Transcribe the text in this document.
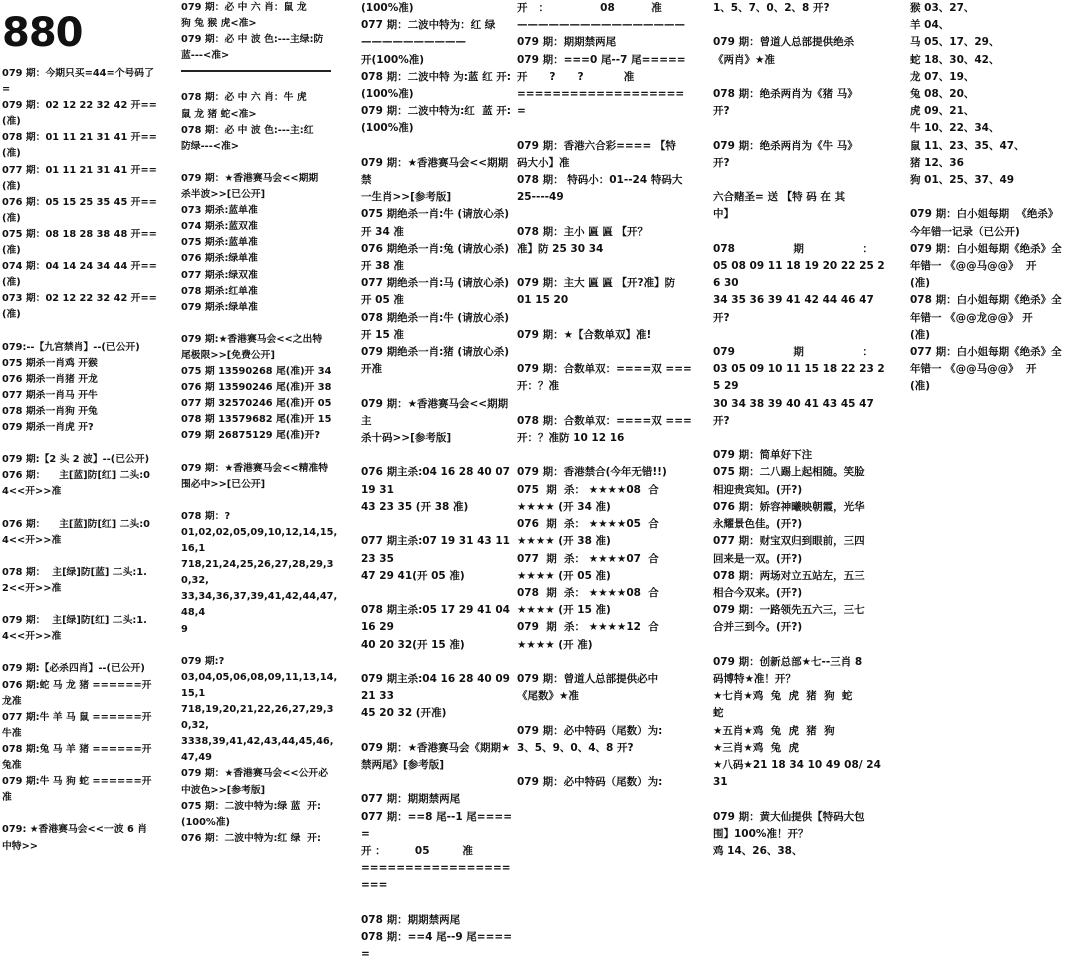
880
079 期：今期只买=44=个号码了
=
079 期：02 12 22 32 42 开==(准)
078 期：01 11 21 31 41 开==(准)
077 期：01 11 21 31 41 开==(准)
076 期：05 15 25 35 45 开==(准)
075 期：08 18 28 38 48 开==(准)
074 期：04 14 24 34 44 开==(准)
073 期：02 12 22 32 42 开==(准)

079:--【九宫禁肖】--(已公开)
075 期杀一肖鸡 开猴
076 期杀一肖猪 开龙
077 期杀一肖马 开牛
078 期杀一肖狗 开兔
079 期杀一肖虎 开?

079 期:【2 头 2 波】--(已公开)
076 期：    主[蓝]防[红] 二头:0
4<<开>>准

076 期：    主[蓝]防[红] 二头:0
4<<开>>准

078 期：  主[绿]防[蓝] 二头:1.
2<<开>>准

079 期：  主[绿]防[红] 二头:1.
4<<开>>准

079 期:【必杀四肖】--(已公开)
076 期:蛇 马 龙 猪 ======开
龙准
077 期:牛 羊 马 鼠 ======开
牛准
078 期:兔 马 羊 猪 ======开
兔准
079 期:牛 马 狗 蛇 ======开
准

079: ★香港赛马会<<一波 6 肖
中特>>
079 期：必 中 六 肖：鼠 龙
狗 兔 猴 虎<准>
079 期：必 中 波 色:---主绿:防
蓝---<准>

078 期：必 中 六 肖：牛 虎
鼠 龙 猪 蛇<准>
078 期：必 中 波 色:---主:红
防绿---<准>

079 期：★香港赛马会<<期期
杀半波>>[已公开]
073 期杀:蓝单准
074 期杀:蓝双准
075 期杀:蓝单准
076 期杀:绿单准
077 期杀:绿双准
078 期杀:红单准
079 期杀:绿单准

079 期:★香港赛马会<<之出特
尾极限>>[免费公开]
075 期 13590268 尾(准)开 34
076 期 13590246 尾(准)开 38
077 期 32570246 尾(准)开 05
078 期 13579682 尾(准)开 15
079 期 26875129 尾(准)开?

079 期：★香港赛马会<<精准特
围必中>>[已公开]

078 期：?
01,02,02,05,09,10,12,14,15,16,1
718,21,24,25,26,27,28,29,30,32,
33,34,36,37,39,41,42,44,47,48,4
9

079 期:?
03,04,05,06,08,09,11,13,14,15,1
718,19,20,21,22,26,27,29,30,32,
3338,39,41,42,43,44,45,46,47,49
079 期：★香港赛马会<<公开必
中波色>>[参考版]
075 期：二波中特为:绿 蓝  开:
(100%准)
076 期：二波中特为:红 绿  开:
(100%准)
077 期：二波中特为：红 绿  ——————————
开(100%准)
078 期：二波中特 为:蓝 红 开:
(100%准)
079 期：二波中特为:红  蓝 开:
(100%准)

079 期：★香港赛马会<<期期禁
一生肖>>[参考版]
075 期绝杀一肖:牛 (请放心杀)
开 34 准
076 期绝杀一肖:兔 (请放心杀)
开 38 准
077 期绝杀一肖:马 (请放心杀)
开 05 准
078 期绝杀一肖:牛 (请放心杀)
开 15 准
079 期绝杀一肖:猪 (请放心杀)
开准

079 期：★香港赛马会<<期期主
杀十码>>[参考版]

076 期主杀:04 16 28 40 07 19 31
43 23 35 (开 38 准)

077 期主杀:07 19 31 43 11 23 35
47 29 41(开 05 准)

078 期主杀:05 17 29 41 04 16 29
40 20 32(开 15 准)

079 期主杀:04 16 28 40 09 21 33
45 20 32 (开准)

079 期：★香港赛马会《期期★
禁两尾》[参考版]

077 期：期期禁两尾
077 期：==8 尾--1 尾=====
开 ：        05         准
====================

078 期：期期禁两尾
078 期：==4 尾--9 尾=====
开   ：              08          准
————————————————
079 期：期期禁两尾
079 期：===0 尾--7 尾=====
开      ?      ?           准
====================

079 期：香港六合彩==== 【特
码大小】准
078 期： 特码小：01--24 特码大
25----49

078 期：主小 匾 匾 【开？
准】防 25 30 34

079 期：主大 匾 匾 【开?准】防
01 15 20

079 期：★【合数单双】准!

079 期：合数单双：====双 ===
开：？准

078 期：合数单双：====双 ===
开：？准防 10 12 16

079 期：香港禁合(今年无错!!)
075  期  杀： ★★★★08  合
★★★★ (开 34 准)
076  期  杀： ★★★★05  合
★★★★ (开 38 准)
077  期  杀： ★★★★07  合
★★★★ (开 05 准)
078  期  杀： ★★★★08  合
★★★★ (开 15 准)
079  期  杀： ★★★★12  合
★★★★ (开 准)

079 期：曾道人总部提供必中
《尾数》★准

079 期：必中特码（尾数）为:
3、5、9、0、4、8 开?

079 期：必中特码（尾数）为:
1、5、7、0、2、8 开?

079 期：曾道人总部提供绝杀
《两肖》★准

078 期：绝杀两肖为《猪 马》
开?

079 期：绝杀两肖为《牛 马》
开?

六合赌圣= 送 【特 码 在 其
中】

078                期                ：
05 08 09 11 18 19 20 22 25 26 30
34 35 36 39 41 42 44 46 47 开?

079                期                ：
03 05 09 10 11 15 18 22 23 25 29
30 34 38 39 40 41 43 45 47 开?

079 期：简单好下注
075 期：二八踢上起相随。笑脸
相迎贵宾知。(开?)
076 期：娇容神曦映朝霞，光华
永耀景色佳。(开?)
077 期：财宝双归到眼前，三四
回来是一双。(开?)
078 期：两场对立五站左，五三
相合今双来。(开?)
079 期：一路领先五六三，三七
合并三到今。(开?)

079 期：创新总部★七--三肖 8
码博特★准！开？
★七肖★鸡  兔  虎  猪  狗  蛇
蛇
★五肖★鸡  兔  虎  猪  狗
★三肖★鸡  兔  虎
★八码★21 18 34 10 49 08/ 24
31

079 期：黄大仙提供【特码大包
围】100%准！开？
鸡 14、26、38、
猴 03、27、
羊 04、
马 05、17、29、
蛇 18、30、42、
龙 07、19、
兔 08、20、
虎 09、21、
牛 10、22、34、
鼠 11、23、35、47、
猪 12、36
狗 01、25、37、49

079 期：白小姐每期  《绝杀》
今年错一记录（已公开)
079 期：白小姐每期《绝杀》全
年错一 《@@马@@》  开
(准)
078 期：白小姐每期《绝杀》全
年错一 《@@龙@@》 开
(准)
077 期：白小姐每期《绝杀》全
年错一 《@@马@@》  开
(准)
